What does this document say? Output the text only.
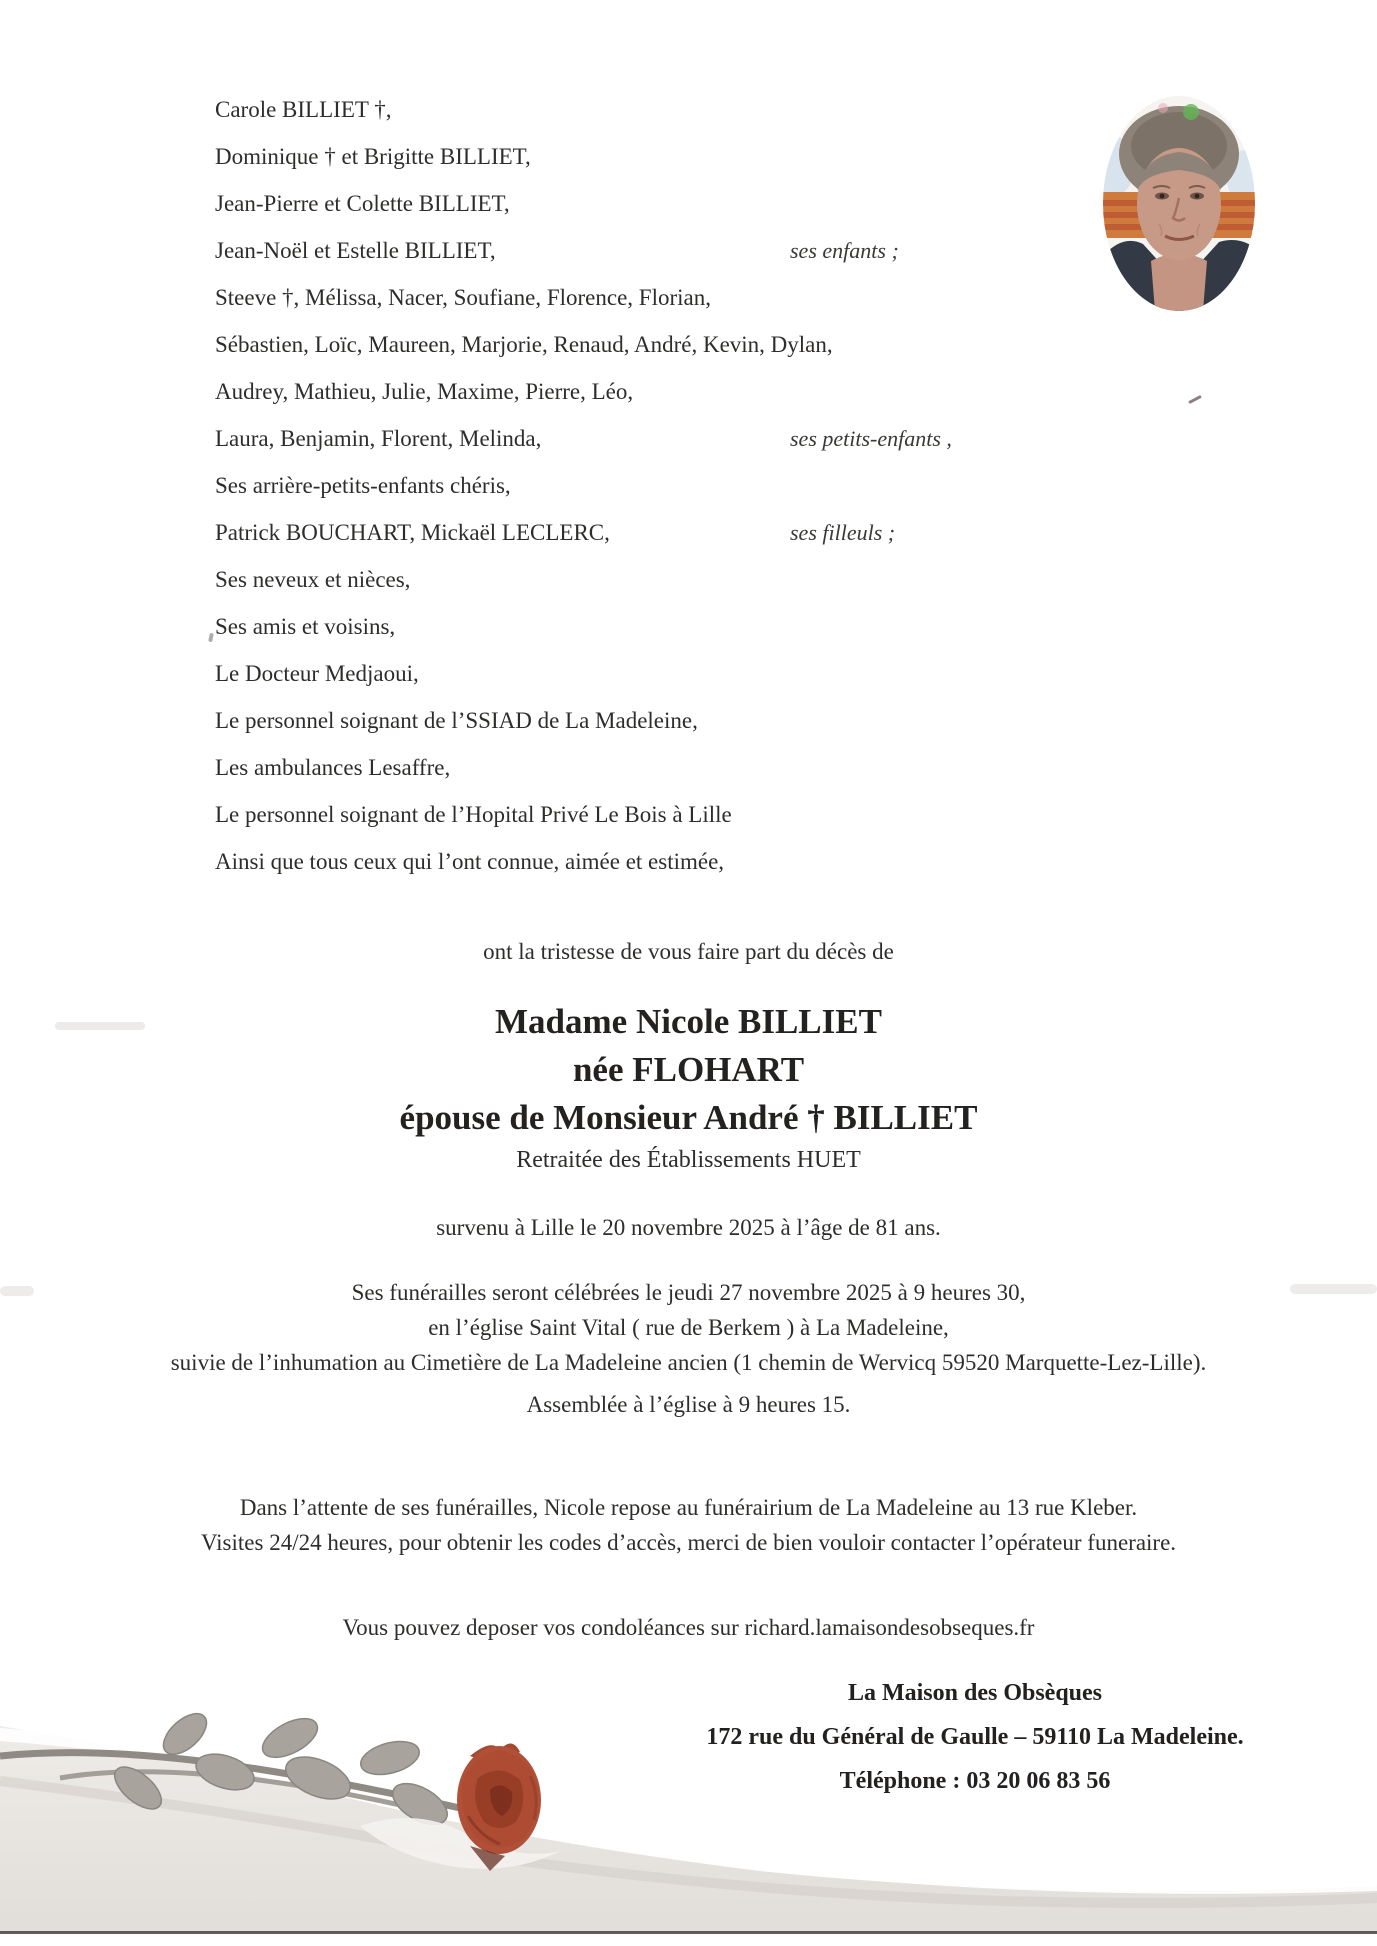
Carole BILLIET †,
Dominique † et Brigitte BILLIET,
Jean-Pierre et Colette BILLIET,
Jean-Noël et Estelle BILLIET,	ses enfants ;
Steeve †, Mélissa, Nacer, Soufiane, Florence, Florian,
Sébastien, Loïc, Maureen, Marjorie, Renaud, André, Kevin, Dylan,
Audrey, Mathieu, Julie, Maxime, Pierre, Léo,
Laura, Benjamin, Florent, Melinda,	ses petits-enfants ,
Ses arrière-petits-enfants chéris,
Patrick BOUCHART, Mickaël LECLERC,	ses filleuls ;
Ses neveux et nièces,
Ses amis et voisins,
Le Docteur Medjaoui,
Le personnel soignant de l’SSIAD de La Madeleine,
Les ambulances Lesaffre,
Le personnel soignant de l’Hopital Privé Le Bois à Lille
Ainsi que tous ceux qui l’ont connue, aimée et estimée,
ont la tristesse de vous faire part du décès de
Madame Nicole BILLIET
née FLOHART
épouse de Monsieur André † BILLIET
Retraitée des Établissements HUET
survenu à Lille le 20 novembre 2025 à l’âge de 81 ans.
Ses funérailles seront célébrées le jeudi 27 novembre 2025 à 9 heures 30,
en l’église Saint Vital ( rue de Berkem ) à La Madeleine,
suivie de l’inhumation au Cimetière de La Madeleine ancien (1 chemin de Wervicq 59520 Marquette-Lez-Lille).
Assemblée à l’église à 9 heures 15.
Dans l’attente de ses funérailles, Nicole repose au funérairium de La Madeleine au 13 rue Kleber.
Visites 24/24 heures, pour obtenir les codes d’accès, merci de bien vouloir contacter l’opérateur funeraire.
Vous pouvez deposer vos condoléances sur richard.lamaisondesobseques.fr
La Maison des Obsèques
172 rue du Général de Gaulle – 59110 La Madeleine.
Téléphone : 03 20 06 83 56
